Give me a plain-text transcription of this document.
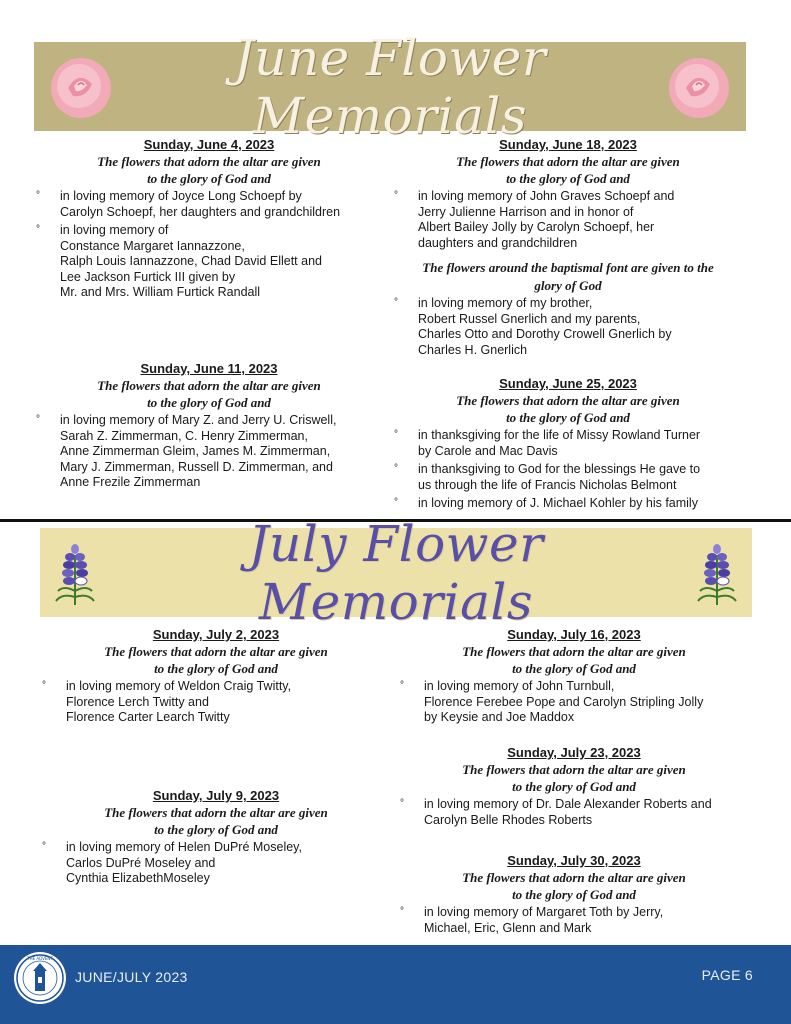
June Flower Memorials
Sunday, June 4, 2023
The flowers that adorn the altar are given
to the glory of God and
° in loving memory of Joyce Long Schoepf by
Carolyn Schoepf, her daughters and grandchildren
° in loving memory of
Constance Margaret Iannazzone,
Ralph Louis Iannazzone, Chad David Ellett and
Lee Jackson Furtick III given by
Mr. and Mrs. William Furtick Randall
Sunday, June 11, 2023
The flowers that adorn the altar are given
to the glory of God and
° in loving memory of Mary Z. and Jerry U. Criswell,
Sarah Z. Zimmerman, C. Henry Zimmerman,
Anne Zimmerman Gleim, James M. Zimmerman,
Mary J. Zimmerman, Russell D. Zimmerman, and
Anne Frezile Zimmerman
Sunday, June 18, 2023
The flowers that adorn the altar are given
to the glory of God and
° in loving memory of John Graves Schoepf and
Jerry Julienne Harrison and in honor of
Albert Bailey Jolly by Carolyn Schoepf, her
daughters and grandchildren
The flowers around the baptismal font are given to the
glory of God
° in loving memory of my brother,
Robert Russel Gnerlich and my parents,
Charles Otto and Dorothy Crowell Gnerlich by
Charles H. Gnerlich
Sunday, June 25, 2023
The flowers that adorn the altar are given
to the glory of God and
° in thanksgiving for the life of Missy Rowland Turner
by Carole and Mac Davis
° in thanksgiving to God for the blessings He gave to
us through the life of Francis Nicholas Belmont
° in loving memory of J. Michael Kohler by his family
July Flower Memorials
Sunday, July 2, 2023
The flowers that adorn the altar are given
to the glory of God and
° in loving memory of Weldon Craig Twitty,
Florence Lerch Twitty and
Florence Carter Learch Twitty
Sunday, July 9, 2023
The flowers that adorn the altar are given
to the glory of God and
° in loving memory of Helen DuPré Moseley,
Carlos DuPré Moseley and
Cynthia ElizabethMoseley
Sunday, July 16, 2023
The flowers that adorn the altar are given
to the glory of God and
° in loving memory of John Turnbull,
Florence Ferebee Pope and Carolyn Stripling Jolly
by Keysie and Joe Maddox
Sunday, July 23, 2023
The flowers that adorn the altar are given
to the glory of God and
° in loving memory of Dr. Dale Alexander Roberts and
Carolyn Belle Rhodes Roberts
Sunday, July 30, 2023
The flowers that adorn the altar are given
to the glory of God and
° in loving memory of Margaret Toth by Jerry,
Michael, Eric, Glenn and Mark
THE ADVENT
JUNE/JULY 2023	PAGE 6
